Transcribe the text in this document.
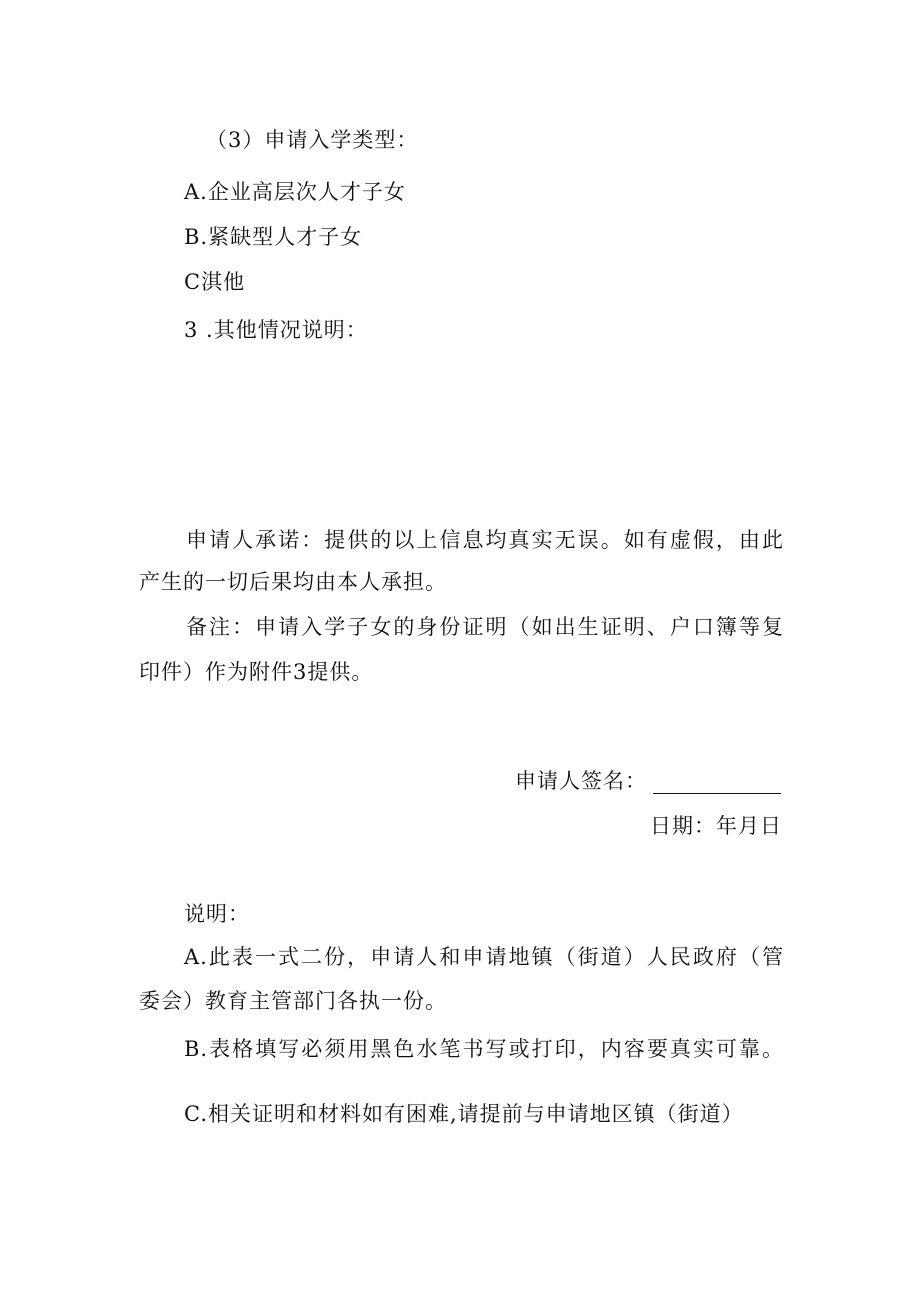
（3）申请入学类型：
A.企业高层次人才子女
B.紧缺型人才子女
C淇他
3 .其他情况说明：
申请人承诺：提供的以上信息均真实无误。如有虚假，由此
产生的一切后果均由本人承担。
备注：申请入学子女的身份证明（如出生证明、户口簿等复
印件）作为附件3提供。
申请人签名：
日期：年月日
说明：
A.此表一式二份，申请人和申请地镇（街道）人民政府（管
委会）教育主管部门各执一份。
B.表格填写必须用黑色水笔书写或打印，内容要真实可靠。
C.相关证明和材料如有困难,请提前与申请地区镇（街道）
